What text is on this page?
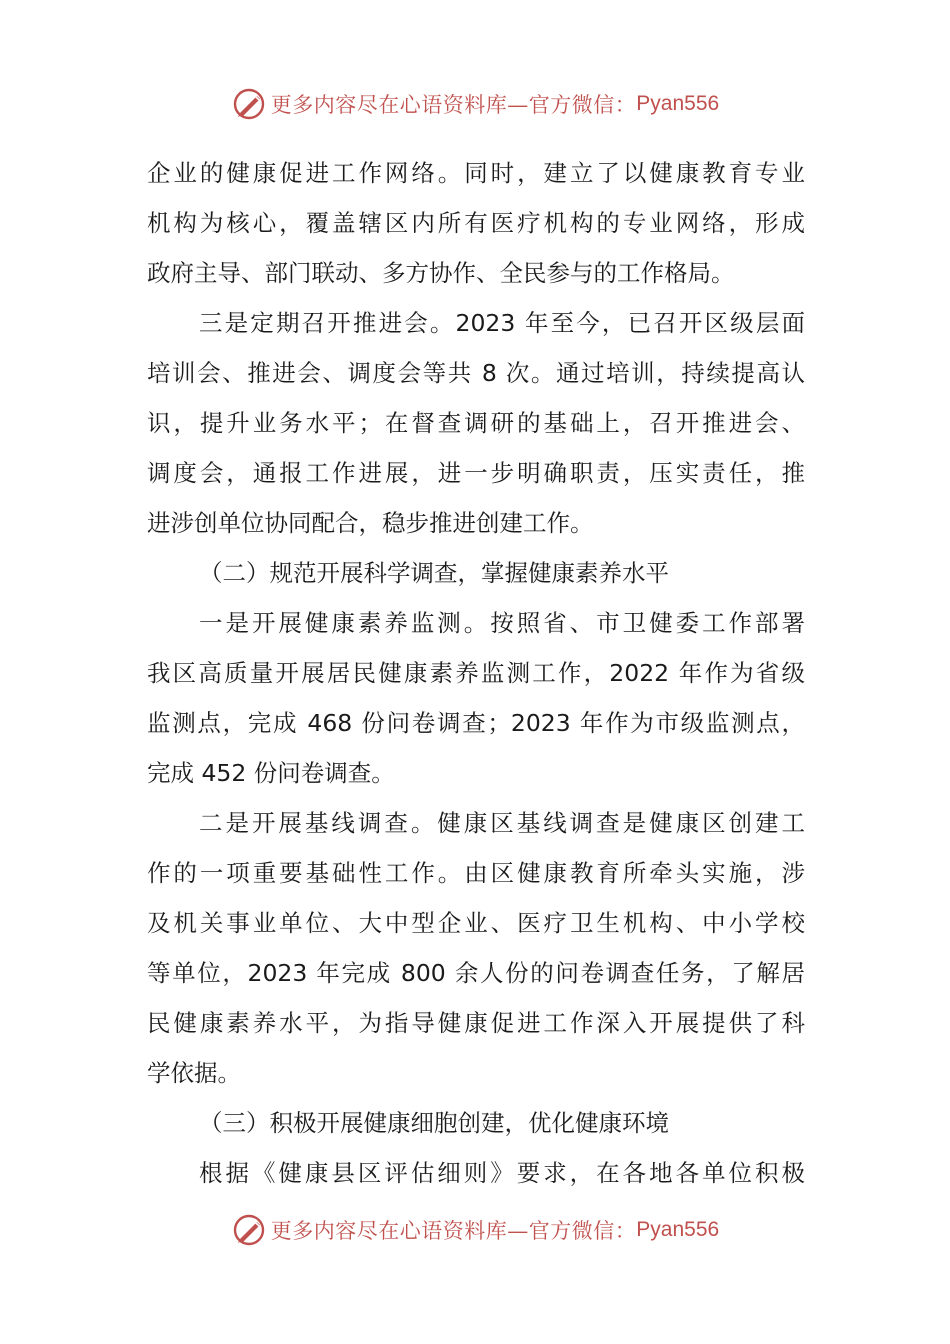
更多内容尽在心语资料库—官方微信： Pyan556
企业的健康促进工作网络。同时，建立了以健康教育专业
机构为核心，覆盖辖区内所有医疗机构的专业网络，形成
政府主导、部门联动、多方协作、全民参与的工作格局。
三是定期召开推进会。2023 年至今，已召开区级层面
培训会、推进会、调度会等共 8 次。通过培训，持续提高认
识，提升业务水平；在督查调研的基础上，召开推进会、
调度会，通报工作进展，进一步明确职责，压实责任，推
进涉创单位协同配合，稳步推进创建工作。
（二）规范开展科学调查，掌握健康素养水平
一是开展健康素养监测。按照省、市卫健委工作部署
我区高质量开展居民健康素养监测工作，2022 年作为省级
监测点，完成 468 份问卷调查；2023 年作为市级监测点，
完成 452 份问卷调查。
二是开展基线调查。健康区基线调查是健康区创建工
作的一项重要基础性工作。由区健康教育所牵头实施，涉
及机关事业单位、大中型企业、医疗卫生机构、中小学校
等单位，2023 年完成 800 余人份的问卷调查任务，了解居
民健康素养水平，为指导健康促进工作深入开展提供了科
学依据。
（三）积极开展健康细胞创建，优化健康环境
根据《健康县区评估细则》要求，在各地各单位积极
更多内容尽在心语资料库—官方微信： Pyan556
